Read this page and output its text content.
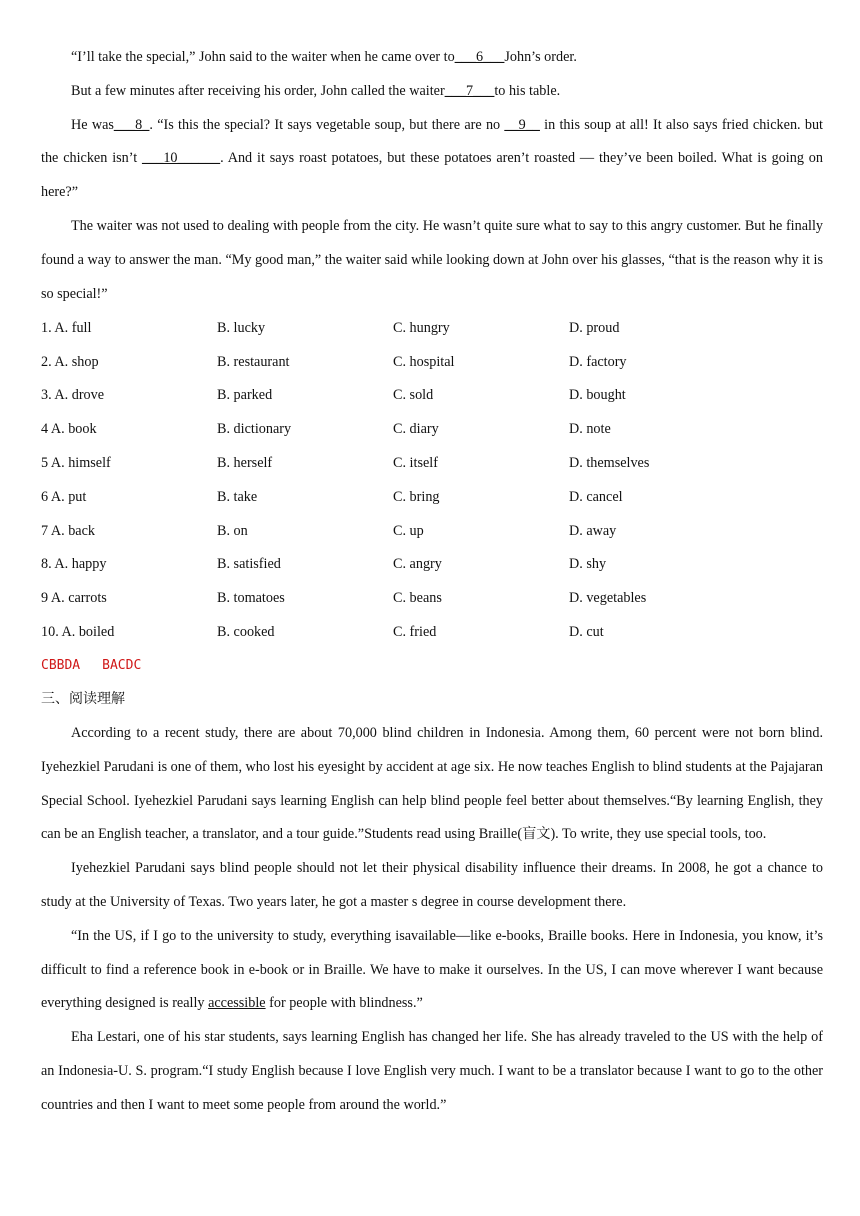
“I’ll take the special,” John said to the waiter when he came over to___6___John’s order.

But a few minutes after receiving his order, John called the waiter___7___to his table.

He was___8_. “Is this the special? It says vegetable soup, but there are no __9__ in this soup at all! It also says fried chicken. but the chicken isn’t ___10______. And it says roast potatoes, but these potatoes aren’t roasted — they’ve been boiled. What is going on here?”

The waiter was not used to dealing with people from the city. He wasn’t quite sure what to say to this angry customer. But he finally found a way to answer the man. “My good man,” the waiter said while looking down at John over his glasses, “that is the reason why it is so special!”

1. A. full	B. lucky	C. hungry	D. proud
2. A. shop	B. restaurant	C. hospital	D. factory
3. A. drove	B. parked	C. sold	D. bought
4 A. book	B. dictionary	C. diary	D. note
5 A. himself	B. herself	C. itself	D. themselves
6 A. put	B. take	C. bring	D. cancel
7 A. back	B. on	C. up	D. away
8. A. happy	B. satisfied	C. angry	D. shy
9 A. carrots	B. tomatoes	C. beans	D. vegetables
10. A. boiled	B. cooked	C. fried	D. cut
CBBDA BACDC
三、阅读理解

According to a recent study, there are about 70,000 blind children in Indonesia. Among them, 60 percent were not born blind. Iyehezkiel Parudani is one of them, who lost his eyesight by accident at age six. He now teaches English to blind students at the Pajajaran Special School. Iyehezkiel Parudani says learning English can help blind people feel better about themselves.“By learning English, they can be an English teacher, a translator, and a tour guide.”Students read using Braille(盲文). To write, they use special tools, too.

Iyehezkiel Parudani says blind people should not let their physical disability influence their dreams. In 2008, he got a chance to study at the University of Texas. Two years later, he got a master s degree in course development there.

“In the US, if I go to the university to study, everything isavailable—like e-books, Braille books. Here in Indonesia, you know, it’s difficult to find a reference book in e-book or in Braille. We have to make it ourselves. In the US, I can move wherever I want because everything designed is really accessible for people with blindness.”

Eha Lestari, one of his star students, says learning English has changed her life. She has already traveled to the US with the help of an Indonesia-U. S. program.“I study English because I love English very much. I want to be a translator because I want to go to the other countries and then I want to meet some people from around the world.”
